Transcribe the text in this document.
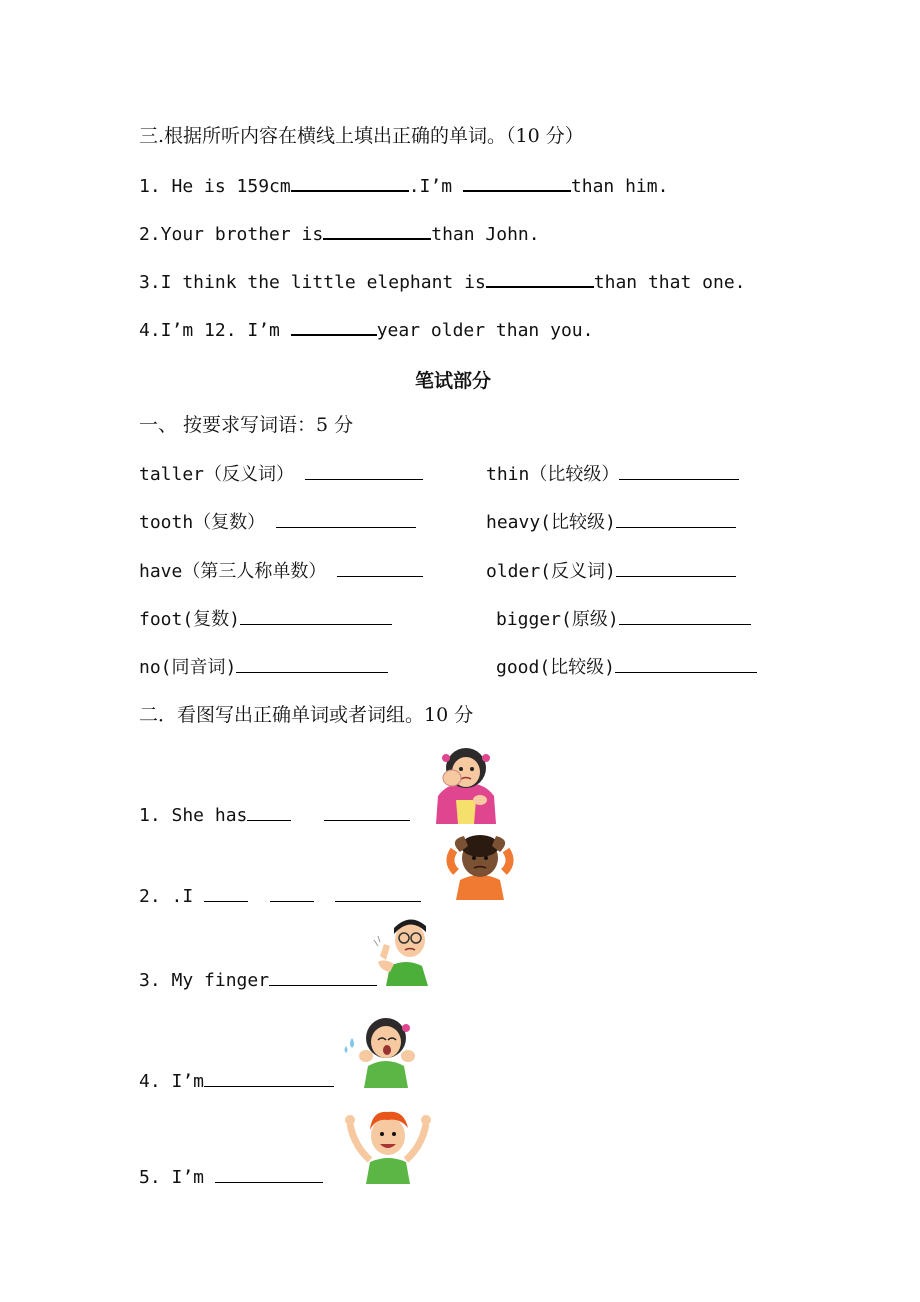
三.根据所听内容在横线上填出正确的单词。（10 分）
1. He is 159cm	.I’m	than him.
2.Your brother is	than John.
3.I think the little elephant is	than that one.
4.I’m 12. I’m	year older than you.
笔试部分
一、 按要求写词语：5 分
taller（反义词）	thin（比较级）
tooth（复数）	heavy(比较级)
have（第三人称单数）	older(反义词)
foot(复数)	bigger(原级)
no(同音词)	good(比较级)
二．看图写出正确单词或者词组。10 分
1. She has
2. .I
3. My finger
4. I’m
5. I’m
